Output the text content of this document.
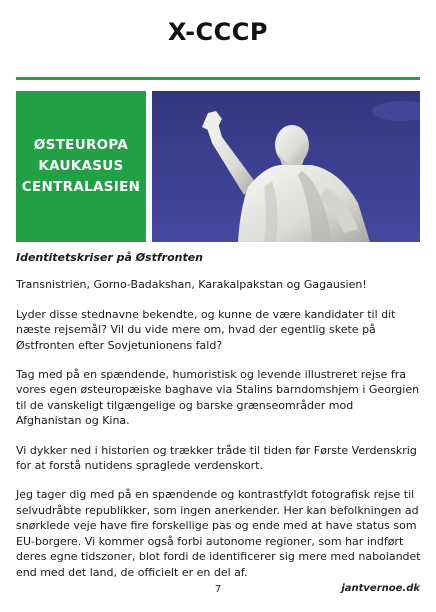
X-CCCP
ØSTEUROPA
KAUKASUS
CENTRALASIEN
Identitetskriser på Østfronten

Transnistrien, Gorno-Badakshan, Karakalpakstan og Gagausien!

Lyder disse stednavne bekendte, og kunne de være kandidater til dit næste rejsemål? Vil du vide mere om, hvad der egentlig skete på Østfronten efter Sovjetunionens fald?

Tag med på en spændende, humoristisk og levende illustreret rejse fra vores egen østeuropæiske baghave via Stalins barndomshjem i Georgien til de vanskeligt tilgængelige og barske grænseområder mod Afghanistan og Kina.

Vi dykker ned i historien og trækker tråde til tiden før Første Verdenskrig for at forstå nutidens spraglede verdenskort.

Jeg tager dig med på en spændende og kontrastfyldt fotografisk rejse til selvudråbte republikker, som ingen anerkender. Her kan befolkningen ad snørklede veje have fire forskellige pas og ende med at have status som EU-borgere. Vi kommer også forbi autonome regioner, som har indført deres egne tidszoner, blot fordi de identificerer sig mere med nabolandet end med det land, de officielt er en del af.

7	jantvernoe.dk
